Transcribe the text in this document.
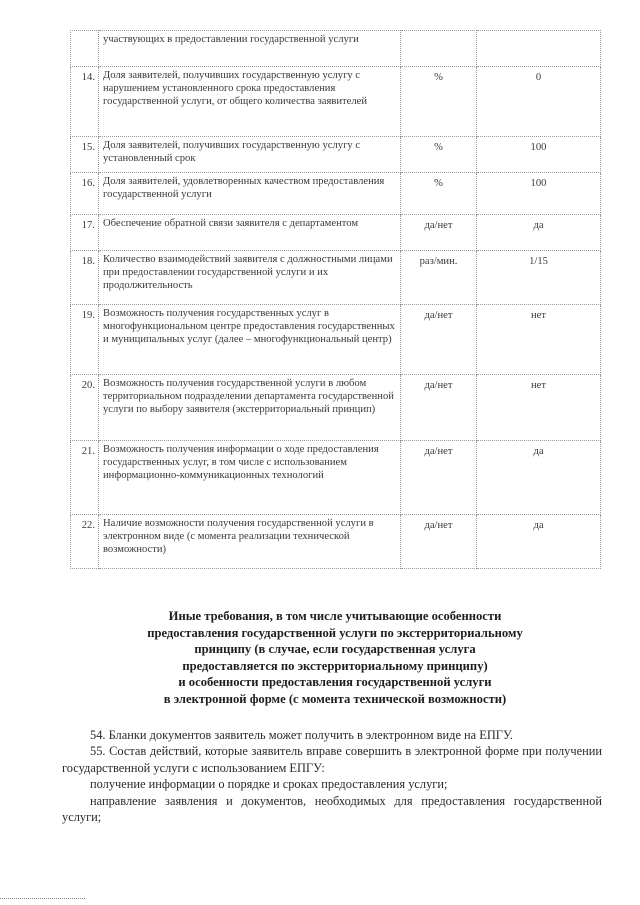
	участвующих в предоставлении государственной услуги		
14.	Доля заявителей, получивших государственную услугу с нарушением установленного срока предоставления государственной услуги, от общего количества заявителей	%	0
15.	Доля заявителей, получивших государственную услугу с установленный срок	%	100
16.	Доля заявителей, удовлетворенных качеством предоставления государственной услуги	%	100
17.	Обеспечение обратной связи заявителя с департаментом	да/нет	да
18.	Количество взаимодействий заявителя с должностными лицами при предоставлении государственной услуги и их продолжительность	раз/мин.	1/15
19.	Возможность получения государственных услуг в многофункциональном центре предоставления государственных и муниципальных услуг (далее – многофункциональный центр)	да/нет	нет
20.	Возможность получения государственной услуги в любом территориальном подразделении департамента государственной услуги по выбору заявителя (экстерриториальный принцип)	да/нет	нет
21.	Возможность получения информации о ходе предоставления государственных услуг, в том числе с использованием информационно-коммуникационных технологий	да/нет	да
22.	Наличие возможности получения государственной услуги в электронном виде (с момента реализации технической возможности)	да/нет	да

Иные требования, в том числе учитывающие особенности

предоставления государственной услуги по экстерриториальному

принципу (в случае, если государственная услуга

предоставляется по экстерриториальному принципу)

и особенности предоставления государственной услуги

в электронной форме (с момента технической возможности)

54. Бланки документов заявитель может получить в электронном виде на ЕПГУ.

55. Состав действий, которые заявитель вправе совершить в электронной форме при получении государственной услуги с использованием ЕПГУ:

получение информации о порядке и сроках предоставления услуги;

направление заявления и документов, необходимых для предоставления государственной услуги;
